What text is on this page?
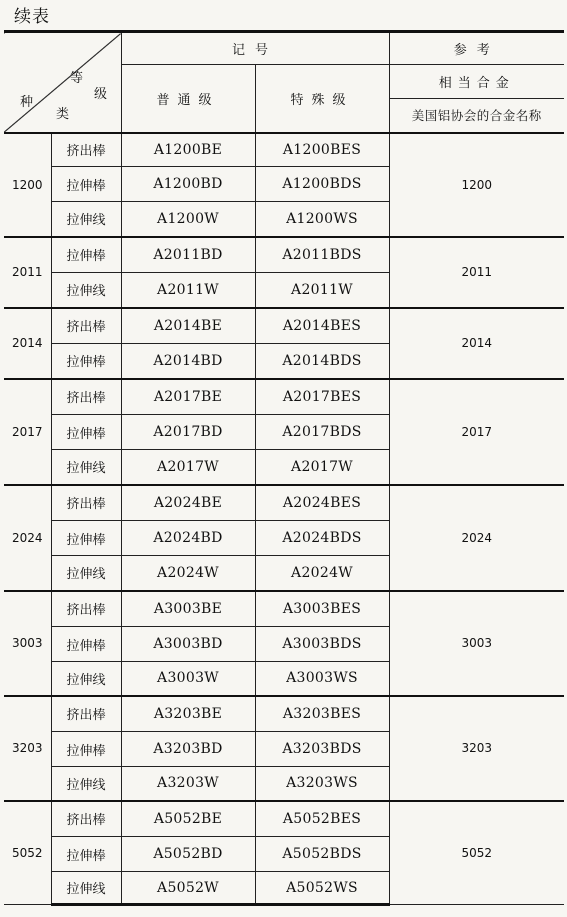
续表
等
级
种
类		记号		参考
		普通级	特殊级	相当合金
				美国铝协会的合金名称
1200	挤出棒	A1200BE	A1200BES	1200
	拉伸棒	A1200BD	A1200BDS	
	拉伸线	A1200W	A1200WS	
2011	拉伸棒	A2011BD	A2011BDS	2011
	拉伸线	A2011W	A2011W	
2014	挤出棒	A2014BE	A2014BES	2014
	拉伸棒	A2014BD	A2014BDS	
2017	挤出棒	A2017BE	A2017BES	2017
	拉伸棒	A2017BD	A2017BDS	
	拉伸线	A2017W	A2017W	
2024	挤出棒	A2024BE	A2024BES	2024
	拉伸棒	A2024BD	A2024BDS	
	拉伸线	A2024W	A2024W	
3003	挤出棒	A3003BE	A3003BES	3003
	拉伸棒	A3003BD	A3003BDS	
	拉伸线	A3003W	A3003WS	
3203	挤出棒	A3203BE	A3203BES	3203
	拉伸棒	A3203BD	A3203BDS	
	拉伸线	A3203W	A3203WS	
5052	挤出棒	A5052BE	A5052BES	5052
	拉伸棒	A5052BD	A5052BDS	
	拉伸线	A5052W	A5052WS	
